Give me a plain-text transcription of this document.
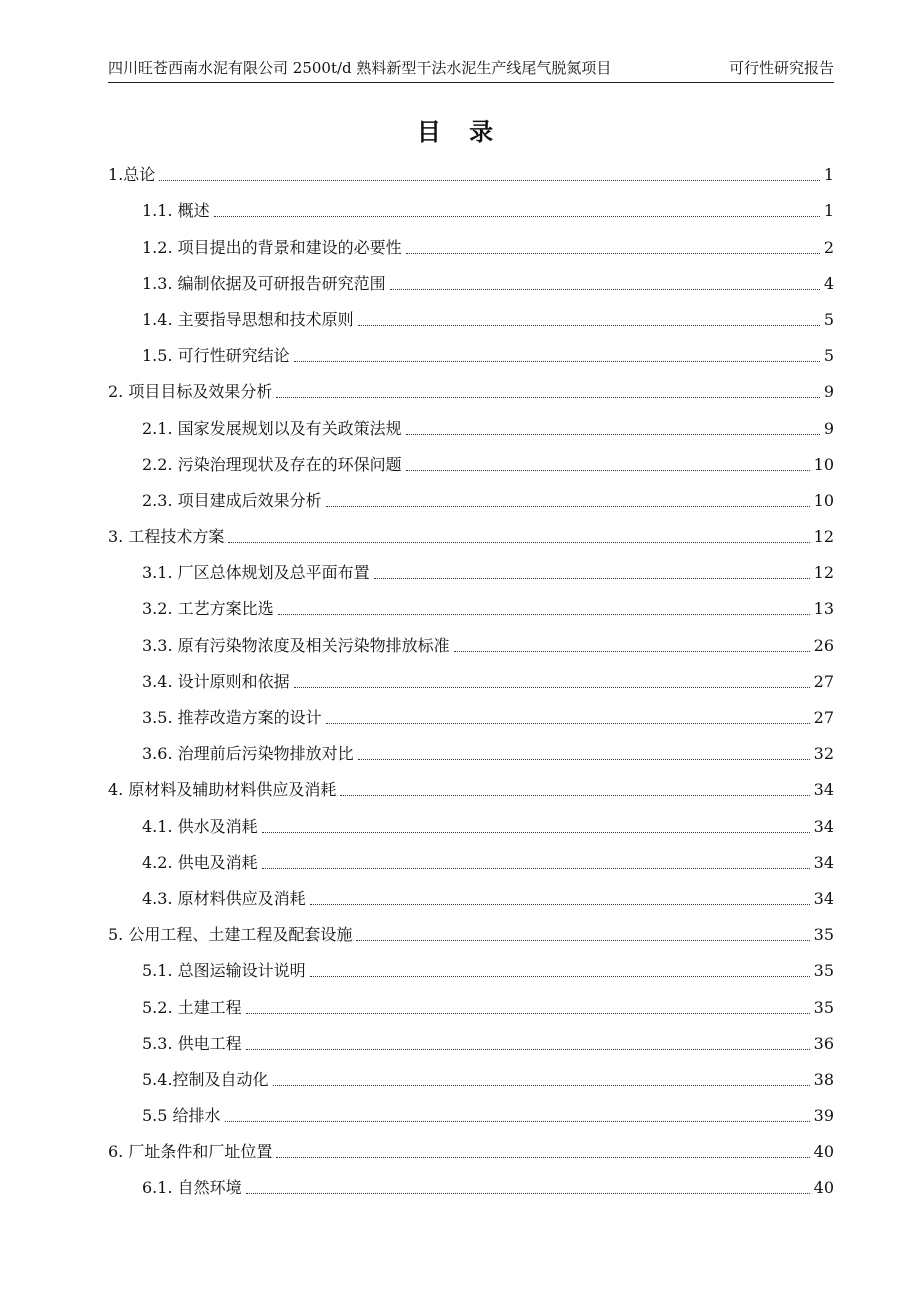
四川旺苍西南水泥有限公司 2500t/d 熟料新型干法水泥生产线尾气脱氮项目	可行性研究报告
目 录
1.总论	1
1.1. 概述	1
1.2. 项目提出的背景和建设的必要性	2
1.3. 编制依据及可研报告研究范围	4
1.4. 主要指导思想和技术原则	5
1.5. 可行性研究结论	5
2. 项目目标及效果分析	9
2.1. 国家发展规划以及有关政策法规	9
2.2. 污染治理现状及存在的环保问题	10
2.3. 项目建成后效果分析	10
3. 工程技术方案	12
3.1. 厂区总体规划及总平面布置	12
3.2. 工艺方案比选	13
3.3. 原有污染物浓度及相关污染物排放标准	26
3.4. 设计原则和依据	27
3.5. 推荐改造方案的设计	27
3.6. 治理前后污染物排放对比	32
4. 原材料及辅助材料供应及消耗	34
4.1. 供水及消耗	34
4.2. 供电及消耗	34
4.3. 原材料供应及消耗	34
5. 公用工程、土建工程及配套设施	35
5.1. 总图运输设计说明	35
5.2. 土建工程	35
5.3. 供电工程	36
5.4.控制及自动化	38
5.5 给排水	39
6. 厂址条件和厂址位置	40
6.1. 自然环境	40
